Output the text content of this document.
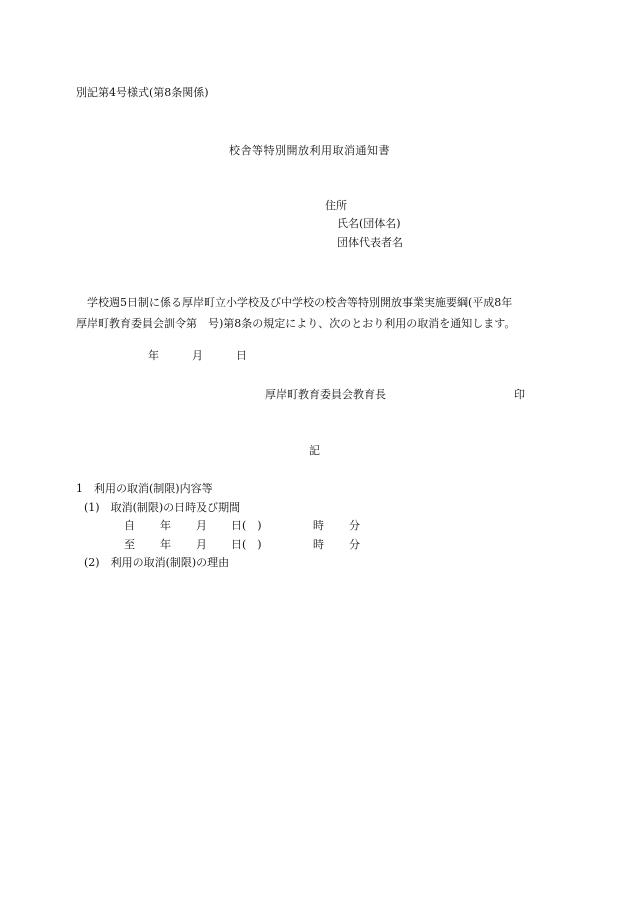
別記第4号様式(第8条関係)

校舎等特別開放利用取消通知書

住所

氏名(団体名)

団体代表者名

　学校週5日制に係る厚岸町立小学校及び中学校の校舎等特別開放事業実施要綱(平成8年
厚岸町教育委員会訓令第　号)第8条の規定により、次のとおり利用の取消を通知します。

年　　　月　　　日

厚岸町教育委員会教育長	印

記

1　利用の取消(制限)内容等

(1)　取消(制限)の日時及び期間

自 年 月 日(　)	時 分
至 年 月 日(　)	時 分

(2)　利用の取消(制限)の理由
